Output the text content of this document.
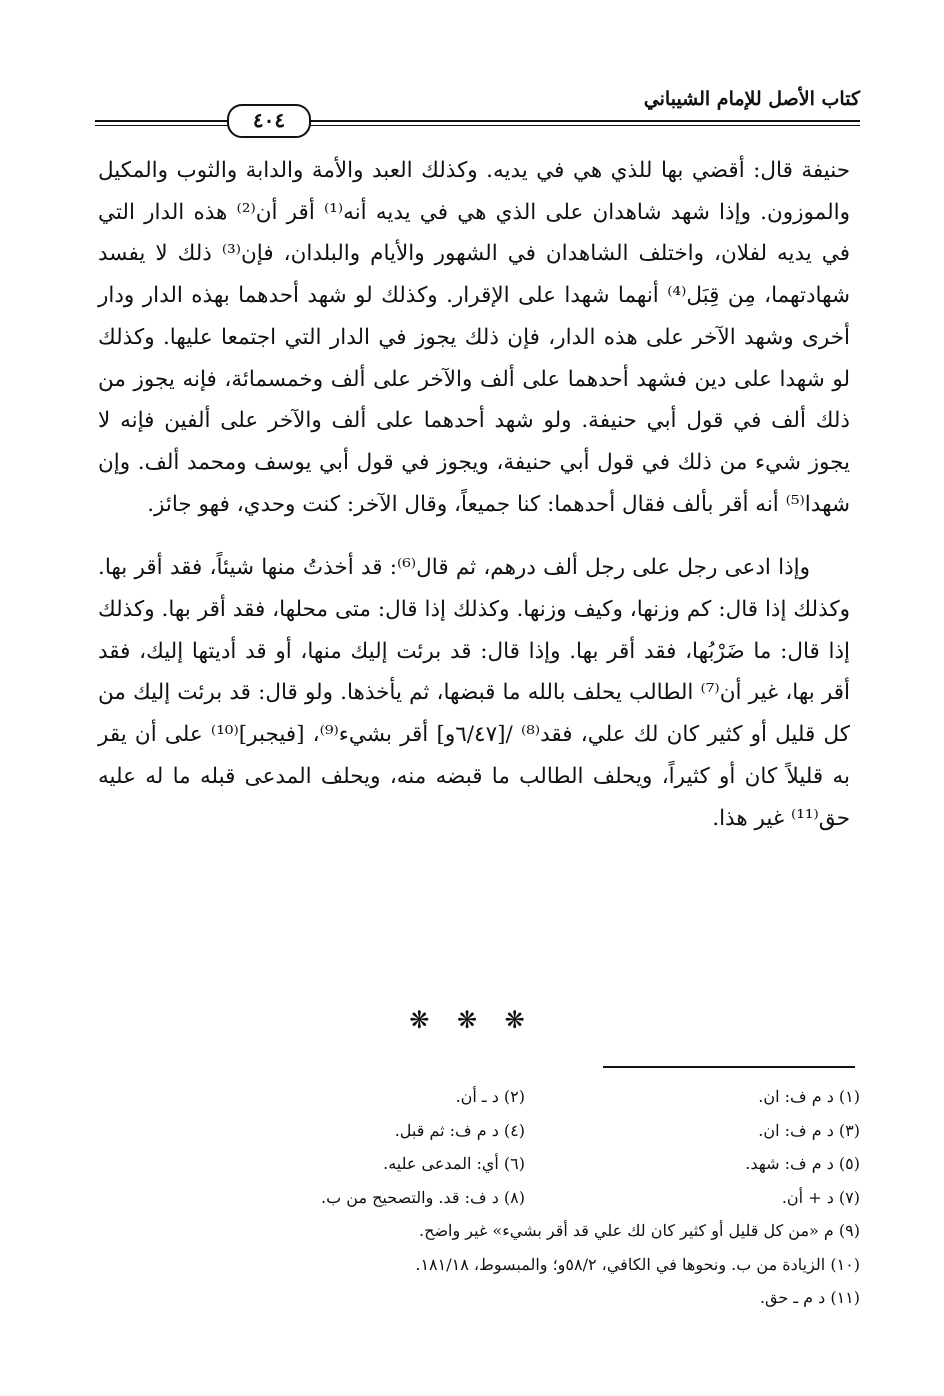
كتاب الأصل للإمام الشيباني
٤٠٤

حنيفة قال: أقضي بها للذي هي في يديه. وكذلك العبد والأمة والدابة والثوب والمكيل والموزون. وإذا شهد شاهدان على الذي هي في يديه أنه⁽¹⁾ أقر أن⁽²⁾ هذه الدار التي في يديه لفلان، واختلف الشاهدان في الشهور والأيام والبلدان، فإن⁽³⁾ ذلك لا يفسد شهادتهما، مِن قِبَل⁽⁴⁾ أنهما شهدا على الإقرار. وكذلك لو شهد أحدهما بهذه الدار ودار أخرى وشهد الآخر على هذه الدار، فإن ذلك يجوز في الدار التي اجتمعا عليها. وكذلك لو شهدا على دين فشهد أحدهما على ألف والآخر على ألف وخمسمائة، فإنه يجوز من ذلك ألف في قول أبي حنيفة. ولو شهد أحدهما على ألف والآخر على ألفين فإنه لا يجوز شيء من ذلك في قول أبي حنيفة، ويجوز في قول أبي يوسف ومحمد ألف. وإن شهدا⁽⁵⁾ أنه أقر بألف فقال أحدهما: كنا جميعاً، وقال الآخر: كنت وحدي، فهو جائز.

وإذا ادعى رجل على رجل ألف درهم، ثم قال⁽⁶⁾: قد أخذتُ منها شيئاً، فقد أقر بها. وكذلك إذا قال: كم وزنها، وكيف وزنها. وكذلك إذا قال: متى محلها، فقد أقر بها. وكذلك إذا قال: ما ضَرْبُها، فقد أقر بها. وإذا قال: قد برئت إليك منها، أو قد أديتها إليك، فقد أقر بها، غير أن⁽⁷⁾ الطالب يحلف بالله ما قبضها، ثم يأخذها. ولو قال: قد برئت إليك من كل قليل أو كثير كان لك علي، فقد⁽⁸⁾ /[٦/٤٧و] أقر بشيء⁽⁹⁾، [فيجبر]⁽¹⁰⁾ على أن يقر به قليلاً كان أو كثيراً، ويحلف الطالب ما قبضه منه، ويحلف المدعى قبله ما له عليه حق⁽¹¹⁾ غير هذا.

❋ ❋ ❋
(١) د م ف: ان.
(٢) د ـ أن.
(٣) د م ف: ان.
(٤) د م ف: ثم قبل.
(٥) د م ف: شهد.
(٦) أي: المدعى عليه.
(٧) د + أن.
(٨) د ف: قد. والتصحيح من ب.
(٩) م «من كل قليل أو كثير كان لك علي قد أقر بشيء» غير واضح.
(١٠) الزيادة من ب. ونحوها في الكافي، ٥٨/٢و؛ والمبسوط، ١٨١/١٨.
(١١) د م ـ حق.
